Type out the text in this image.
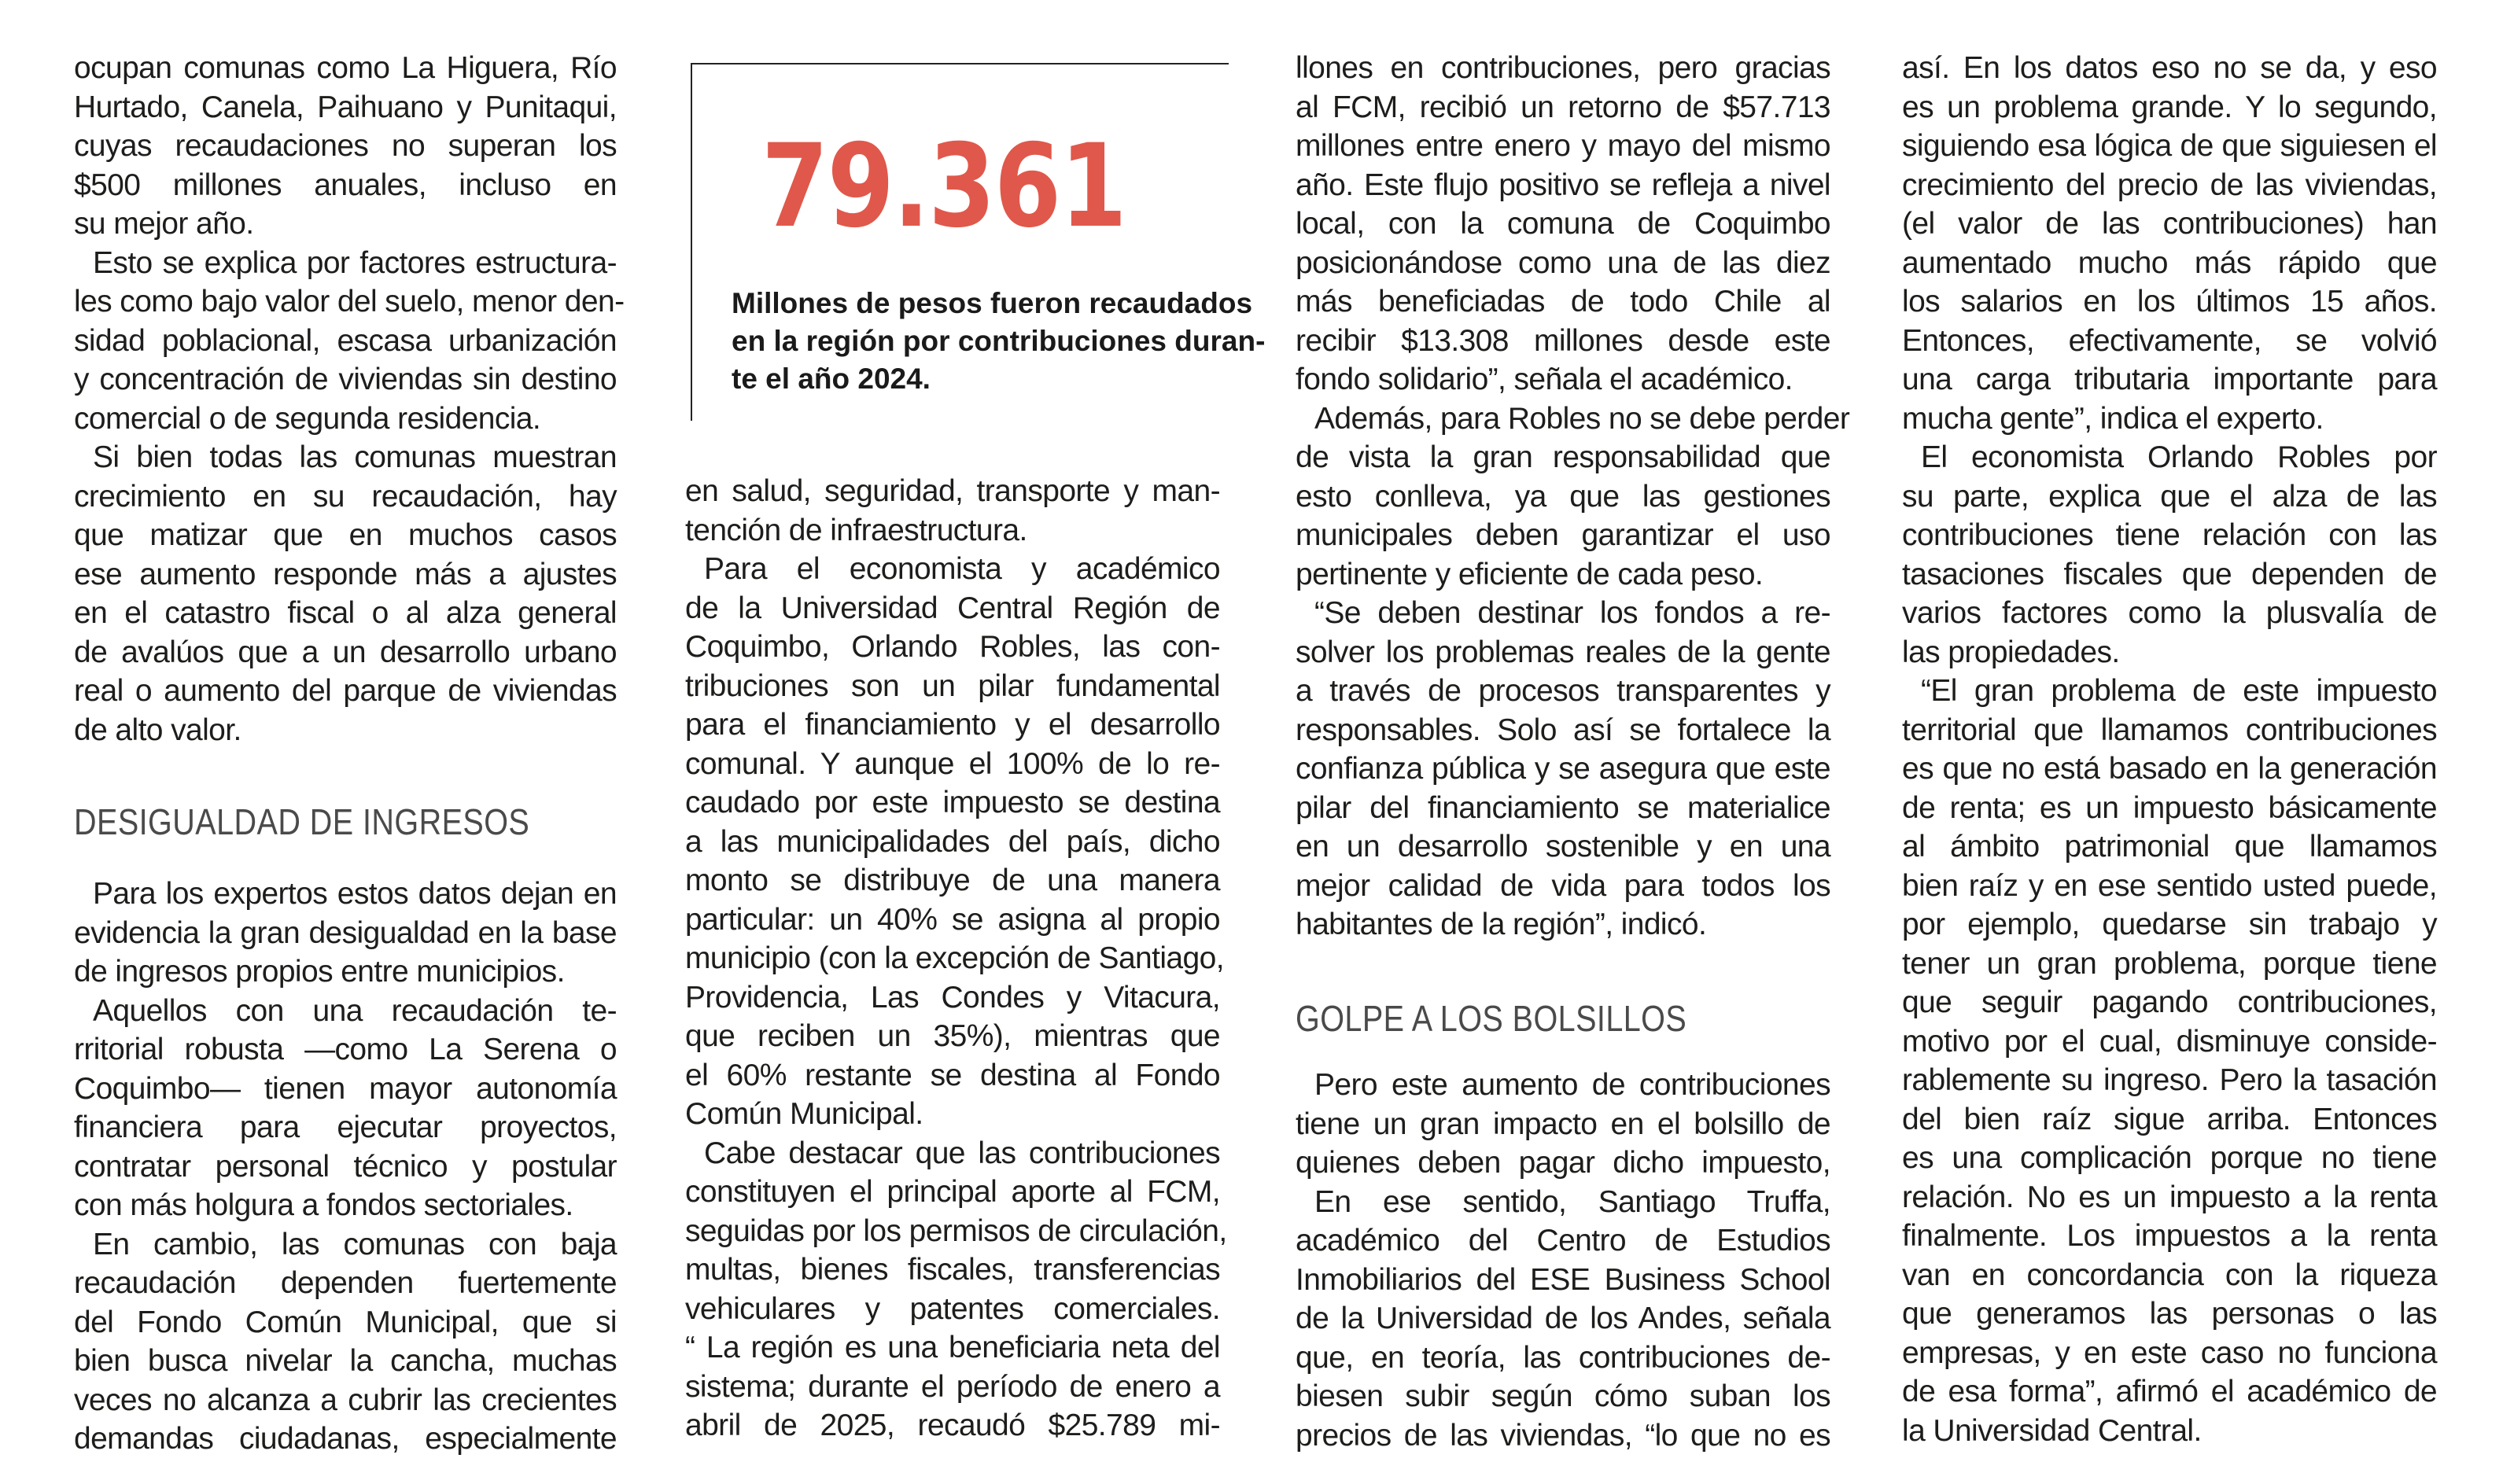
ocupan comunas como La Higuera, Río

Hurtado, Canela, Paihuano y Punitaqui,

cuyas recaudaciones no superan los

$500 millones anuales, incluso en

su mejor año.

Esto se explica por factores estructura-

les como bajo valor del suelo, menor den-

sidad poblacional, escasa urbanización

y concentración de viviendas sin destino

comercial o de segunda residencia.

Si bien todas las comunas muestran

crecimiento en su recaudación, hay

que matizar que en muchos casos

ese aumento responde más a ajustes

en el catastro fiscal o al alza general

de avalúos que a un desarrollo urbano

real o aumento del parque de viviendas

de alto valor.

DESIGUALDAD DE INGRESOS

Para los expertos estos datos dejan en

evidencia la gran desigualdad en la base

de ingresos propios entre municipios.

Aquellos con una recaudación te-

rritorial robusta —como La Serena o

Coquimbo— tienen mayor autonomía

financiera para ejecutar proyectos,

contratar personal técnico y postular

con más holgura a fondos sectoriales.

En cambio, las comunas con baja

recaudación dependen fuertemente

del Fondo Común Municipal, que si

bien busca nivelar la cancha, muchas

veces no alcanza a cubrir las crecientes

demandas ciudadanas, especialmente

79.361
Millones de pesos fueron recaudados
en la región por contribuciones duran-
te el año 2024.

en salud, seguridad, transporte y man-

tención de infraestructura.

Para el economista y académico

de la Universidad Central Región de

Coquimbo, Orlando Robles, las con-

tribuciones son un pilar fundamental

para el financiamiento y el desarrollo

comunal. Y aunque el 100% de lo re-

caudado por este impuesto se destina

a las municipalidades del país, dicho

monto se distribuye de una manera

particular: un 40% se asigna al propio

municipio (con la excepción de Santiago,

Providencia, Las Condes y Vitacura,

que reciben un 35%), mientras que

el 60% restante se destina al Fondo

Común Municipal.

Cabe destacar que las contribuciones

constituyen el principal aporte al FCM,

seguidas por los permisos de circulación,

multas, bienes fiscales, transferencias

vehiculares y patentes comerciales.

“ La región es una beneficiaria neta del

sistema; durante el período de enero a

abril de 2025, recaudó $25.789 mi-

llones en contribuciones, pero gracias

al FCM, recibió un retorno de $57.713

millones entre enero y mayo del mismo

año. Este flujo positivo se refleja a nivel

local, con la comuna de Coquimbo

posicionándose como una de las diez

más beneficiadas de todo Chile al

recibir $13.308 millones desde este

fondo solidario”, señala el académico.

Además, para Robles no se debe perder

de vista la gran responsabilidad que

esto conlleva, ya que las gestiones

municipales deben garantizar el uso

pertinente y eficiente de cada peso.

“Se deben destinar los fondos a re-

solver los problemas reales de la gente

a través de procesos transparentes y

responsables. Solo así se fortalece la

confianza pública y se asegura que este

pilar del financiamiento se materialice

en un desarrollo sostenible y en una

mejor calidad de vida para todos los

habitantes de la región”, indicó.

GOLPE A LOS BOLSILLOS

Pero este aumento de contribuciones

tiene un gran impacto en el bolsillo de

quienes deben pagar dicho impuesto,

En ese sentido, Santiago Truffa,

académico del Centro de Estudios

Inmobiliarios del ESE Business School

de la Universidad de los Andes, señala

que, en teoría, las contribuciones de-

biesen subir según cómo suban los

precios de las viviendas, “lo que no es

así. En los datos eso no se da, y eso

es un problema grande. Y lo segundo,

siguiendo esa lógica de que siguiesen el

crecimiento del precio de las viviendas,

(el valor de las contribuciones) han

aumentado mucho más rápido que

los salarios en los últimos 15 años.

Entonces, efectivamente, se volvió

una carga tributaria importante para

mucha gente”, indica el experto.

El economista Orlando Robles por

su parte, explica que el alza de las

contribuciones tiene relación con las

tasaciones fiscales que dependen de

varios factores como la plusvalía de

las propiedades.

“El gran problema de este impuesto

territorial que llamamos contribuciones

es que no está basado en la generación

de renta; es un impuesto básicamente

al ámbito patrimonial que llamamos

bien raíz y en ese sentido usted puede,

por ejemplo, quedarse sin trabajo y

tener un gran problema, porque tiene

que seguir pagando contribuciones,

motivo por el cual, disminuye conside-

rablemente su ingreso. Pero la tasación

del bien raíz sigue arriba. Entonces

es una complicación porque no tiene

relación. No es un impuesto a la renta

finalmente. Los impuestos a la renta

van en concordancia con la riqueza

que generamos las personas o las

empresas, y en este caso no funciona

de esa forma”, afirmó el académico de

la Universidad Central.
